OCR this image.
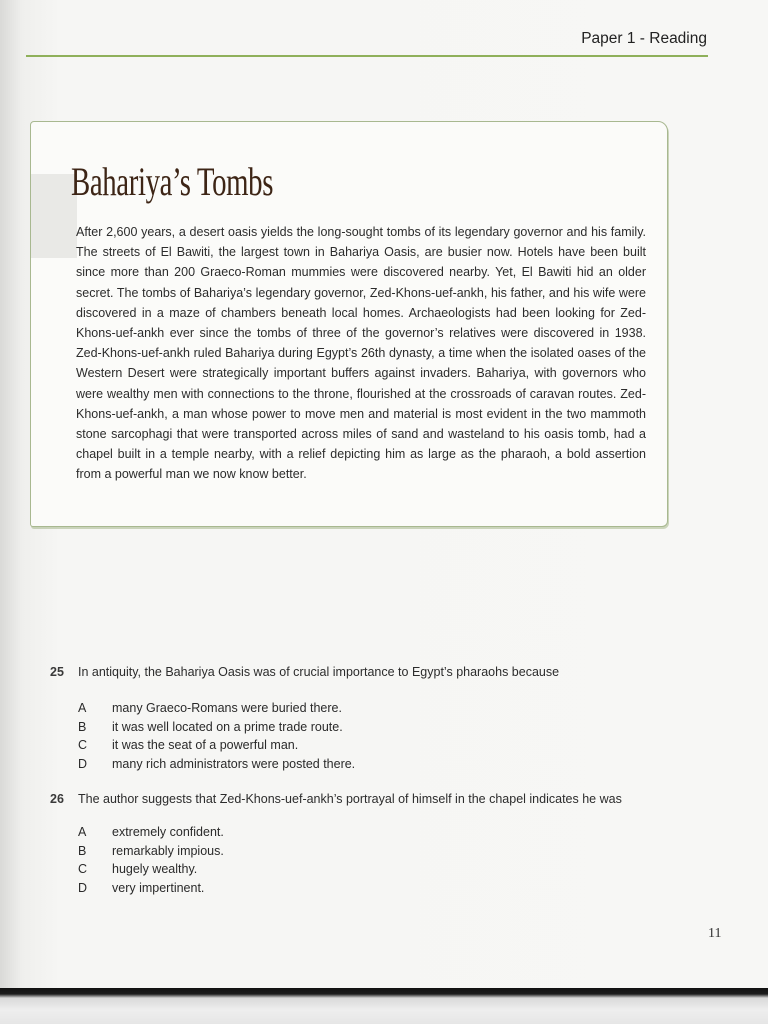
Paper 1 - Reading
Bahariya’s Tombs

After 2,600 years, a desert oasis yields the long-sought tombs of its legendary governor and his family. The streets of El Bawiti, the largest town in Bahariya Oasis, are busier now. Hotels have been built since more than 200 Graeco-Roman mummies were discovered nearby. Yet, El Bawiti hid an older secret. The tombs of Bahariya’s legendary governor, Zed-Khons-uef-ankh, his father, and his wife were discovered in a maze of chambers beneath local homes. Archaeologists had been looking for Zed-Khons-uef-ankh ever since the tombs of three of the governor’s relatives were discovered in 1938. Zed-Khons-uef-ankh ruled Bahariya during Egypt’s 26th dynasty, a time when the isolated oases of the Western Desert were strategically important buffers against invaders. Bahariya, with governors who were wealthy men with connections to the throne, flourished at the crossroads of caravan routes. Zed-Khons-uef-ankh, a man whose power to move men and material is most evident in the two mammoth stone sarcophagi that were transported across miles of sand and wasteland to his oasis tomb, had a chapel built in a temple nearby, with a relief depicting him as large as the pharaoh, a bold assertion from a powerful man we now know better.

25 In antiquity, the Bahariya Oasis was of crucial importance to Egypt’s pharaohs because
A	many Graeco-Romans were buried there.
B	it was well located on a prime trade route.
C	it was the seat of a powerful man.
D	many rich administrators were posted there.
26 The author suggests that Zed-Khons-uef-ankh’s portrayal of himself in the chapel indicates he was
A	extremely confident.
B	remarkably impious.
C	hugely wealthy.
D	very impertinent.
11
